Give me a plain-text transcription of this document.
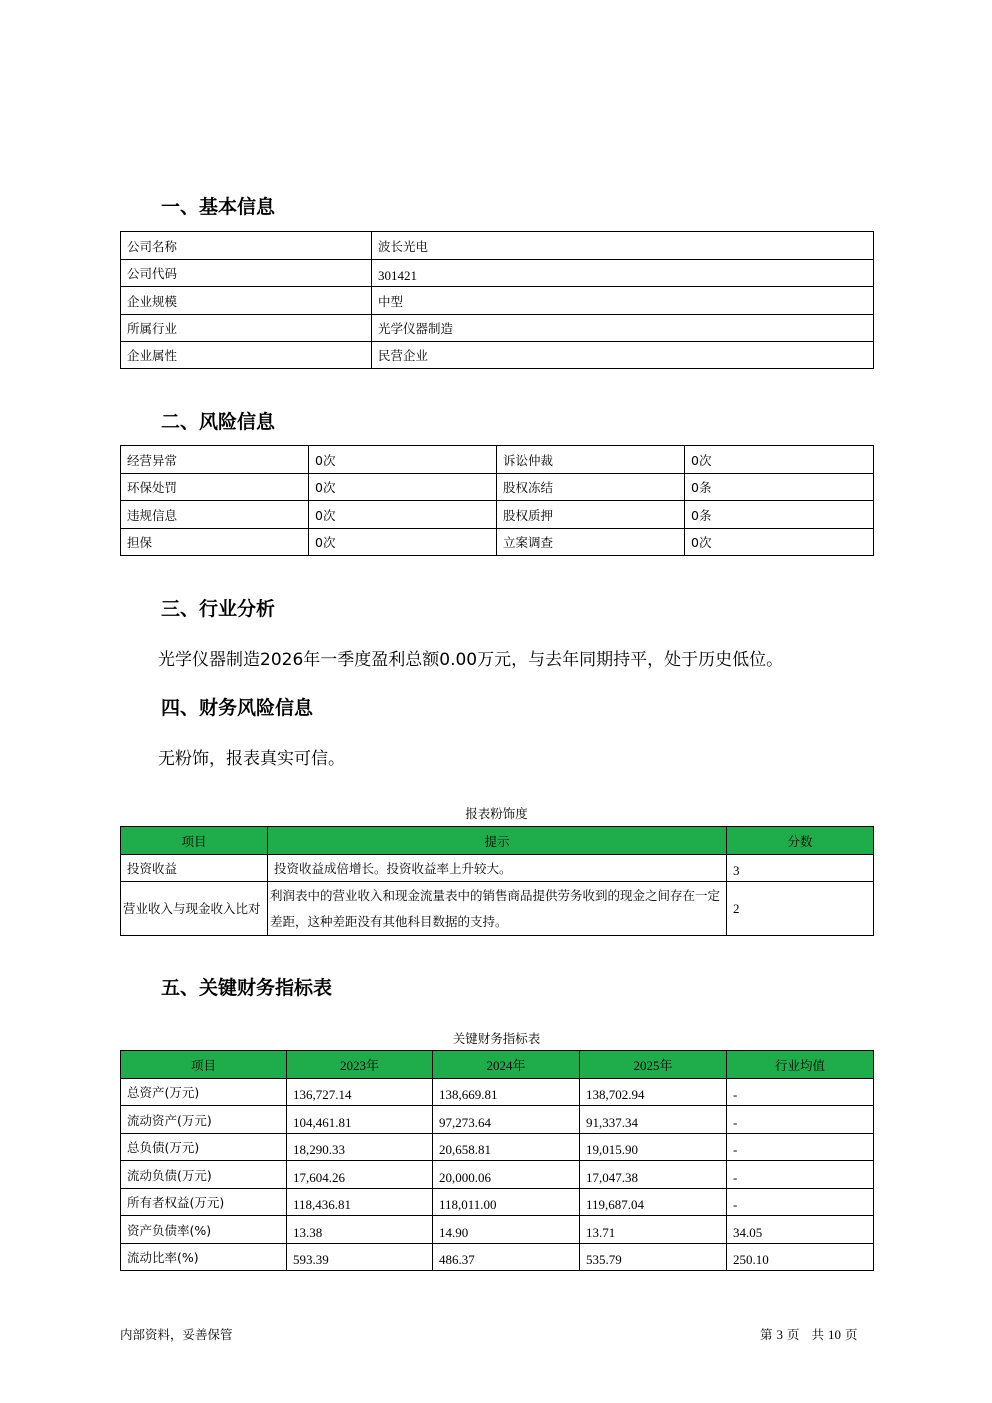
一、基本信息
公司名称	波长光电
公司代码	301421
企业规模	中型
所属行业	光学仪器制造
企业属性	民营企业
二、风险信息
经营异常	0次	诉讼仲裁	0次
环保处罚	0次	股权冻结	0条
违规信息	0次	股权质押	0条
担保	0次	立案调查	0次
三、行业分析

光学仪器制造2026年一季度盈利总额0.00万元，与去年同期持平，处于历史低位。

四、财务风险信息

无粉饰，报表真实可信。

报表粉饰度
项目	提示	分数
投资收益	投资收益成倍增长。投资收益率上升较大。	3
营业收入与现金收入比对	利润表中的营业收入和现金流量表中的销售商品提供劳务收到的现金之间存在一定差距，这种差距没有其他科目数据的支持。	2
五、关键财务指标表
关键财务指标表
项目	2023年	2024年	2025年	行业均值
总资产(万元)	136,727.14	138,669.81	138,702.94	-
流动资产(万元)	104,461.81	97,273.64	91,337.34	-
总负债(万元)	18,290.33	20,658.81	19,015.90	-
流动负债(万元)	17,604.26	20,000.06	17,047.38	-
所有者权益(万元)	118,436.81	118,011.00	119,687.04	-
资产负债率(%)	13.38	14.90	13.71	34.05
流动比率(%)	593.39	486.37	535.79	250.10
内部资料，妥善保管	第 3 页 共 10 页
